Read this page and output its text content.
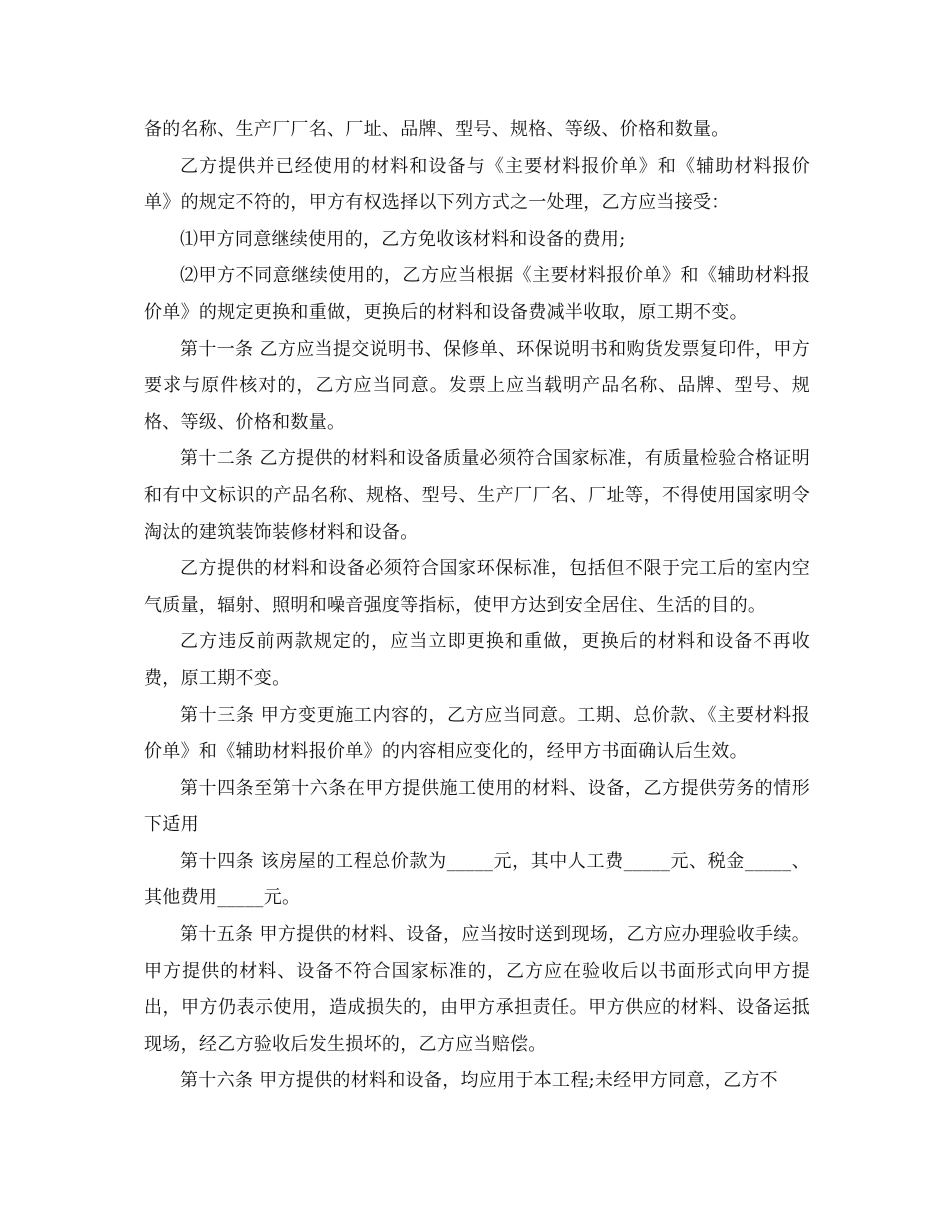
备的名称、生产厂厂名、厂址、品牌、型号、规格、等级、价格和数量。

乙方提供并已经使用的材料和设备与《主要材料报价单》和《辅助材料报价单》的规定不符的，甲方有权选择以下列方式之一处理，乙方应当接受：

⑴甲方同意继续使用的，乙方免收该材料和设备的费用;

⑵甲方不同意继续使用的，乙方应当根据《主要材料报价单》和《辅助材料报价单》的规定更换和重做，更换后的材料和设备费减半收取，原工期不变。

第十一条 乙方应当提交说明书、保修单、环保说明书和购货发票复印件，甲方要求与原件核对的，乙方应当同意。发票上应当载明产品名称、品牌、型号、规格、等级、价格和数量。

第十二条 乙方提供的材料和设备质量必须符合国家标准，有质量检验合格证明和有中文标识的产品名称、规格、型号、生产厂厂名、厂址等，不得使用国家明令淘汰的建筑装饰装修材料和设备。

乙方提供的材料和设备必须符合国家环保标准，包括但不限于完工后的室内空气质量，辐射、照明和噪音强度等指标，使甲方达到安全居住、生活的目的。

乙方违反前两款规定的，应当立即更换和重做，更换后的材料和设备不再收费，原工期不变。

第十三条 甲方变更施工内容的，乙方应当同意。工期、总价款、《主要材料报价单》和《辅助材料报价单》的内容相应变化的，经甲方书面确认后生效。

第十四条至第十六条在甲方提供施工使用的材料、设备，乙方提供劳务的情形下适用

第十四条 该房屋的工程总价款为_____元，其中人工费_____元、税金_____、其他费用_____元。

第十五条 甲方提供的材料、设备，应当按时送到现场，乙方应办理验收手续。甲方提供的材料、设备不符合国家标准的，乙方应在验收后以书面形式向甲方提出，甲方仍表示使用，造成损失的，由甲方承担责任。甲方供应的材料、设备运抵现场，经乙方验收后发生损坏的，乙方应当赔偿。

第十六条 甲方提供的材料和设备，均应用于本工程;未经甲方同意，乙方不
